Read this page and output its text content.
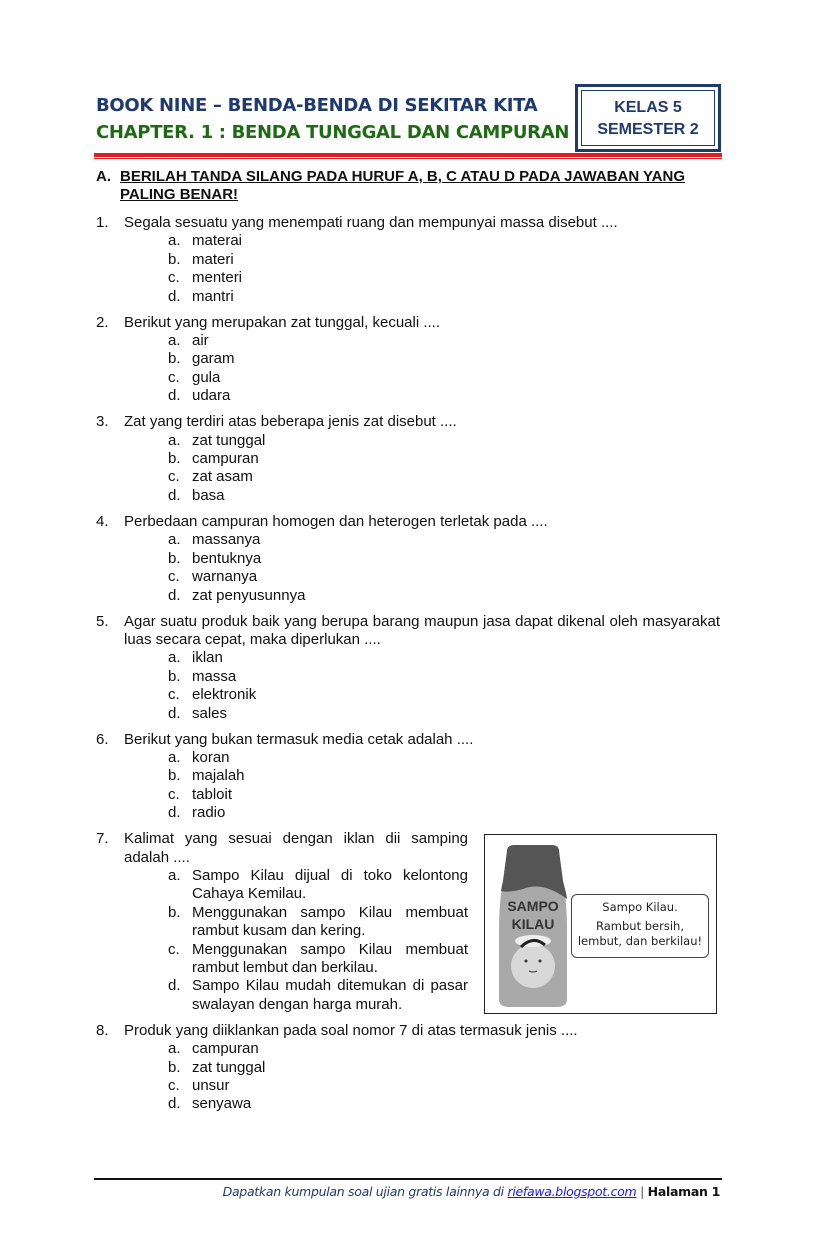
BOOK NINE – BENDA-BENDA DI SEKITAR KITA
CHAPTER. 1 : BENDA TUNGGAL DAN CAMPURAN
KELAS 5
SEMESTER 2
A. BERILAH TANDA SILANG PADA HURUF A, B, C ATAU D PADA JAWABAN YANG PALING BENAR!
1. Segala sesuatu yang menempati ruang dan mempunyai massa disebut ....
a. materai
b. materi
c. menteri
d. mantri
2. Berikut yang merupakan zat tunggal, kecuali ....
a. air
b. garam
c. gula
d. udara
3. Zat yang terdiri atas beberapa jenis zat disebut ....
a. zat tunggal
b. campuran
c. zat asam
d. basa
4. Perbedaan campuran homogen dan heterogen terletak pada ....
a. massanya
b. bentuknya
c. warnanya
d. zat penyusunnya
5. Agar suatu produk baik yang berupa barang maupun jasa dapat dikenal oleh masyarakat luas secara cepat, maka diperlukan ....
a. iklan
b. massa
c. elektronik
d. sales
6. Berikut yang bukan termasuk media cetak adalah ....
a. koran
b. majalah
c. tabloit
d. radio
7. Kalimat yang sesuai dengan iklan dii samping adalah ....
a. Sampo Kilau dijual di toko kelontong Cahaya Kemilau.
b. Menggunakan sampo Kilau membuat rambut kusam dan kering.
c. Menggunakan sampo Kilau membuat rambut lembut dan berkilau.
d. Sampo Kilau mudah ditemukan di pasar swalayan dengan harga murah.
SAMPO
KILAU
Sampo Kilau.
Rambut bersih,
lembut, dan berkilau!
8. Produk yang diiklankan pada soal nomor 7 di atas termasuk jenis ....
a. campuran
b. zat tunggal
c. unsur
d. senyawa
Dapatkan kumpulan soal ujian gratis lainnya di riefawa.blogspot.com | Halaman 1
